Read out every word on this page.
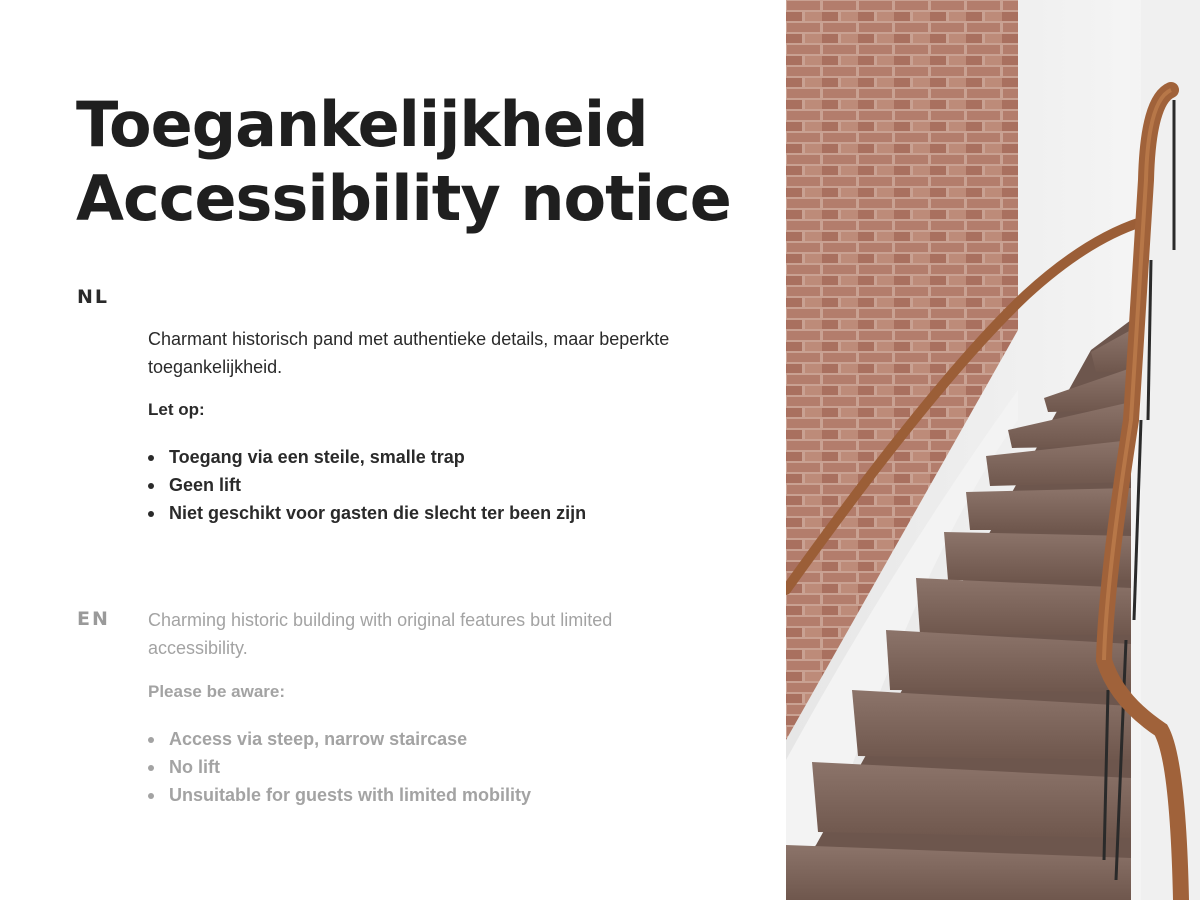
Toegankelijkheid
Accessibility notice
NL

Charmant historisch pand met authentieke details, maar beperkte toegankelijkheid.

Let op:

Toegang via een steile, smalle trap
Geen lift
Niet geschikt voor gasten die slecht ter been zijn
EN Charming historic building with original features but limited accessibility.

Please be aware:

Access via steep, narrow staircase
No lift
Unsuitable for guests with limited mobility
